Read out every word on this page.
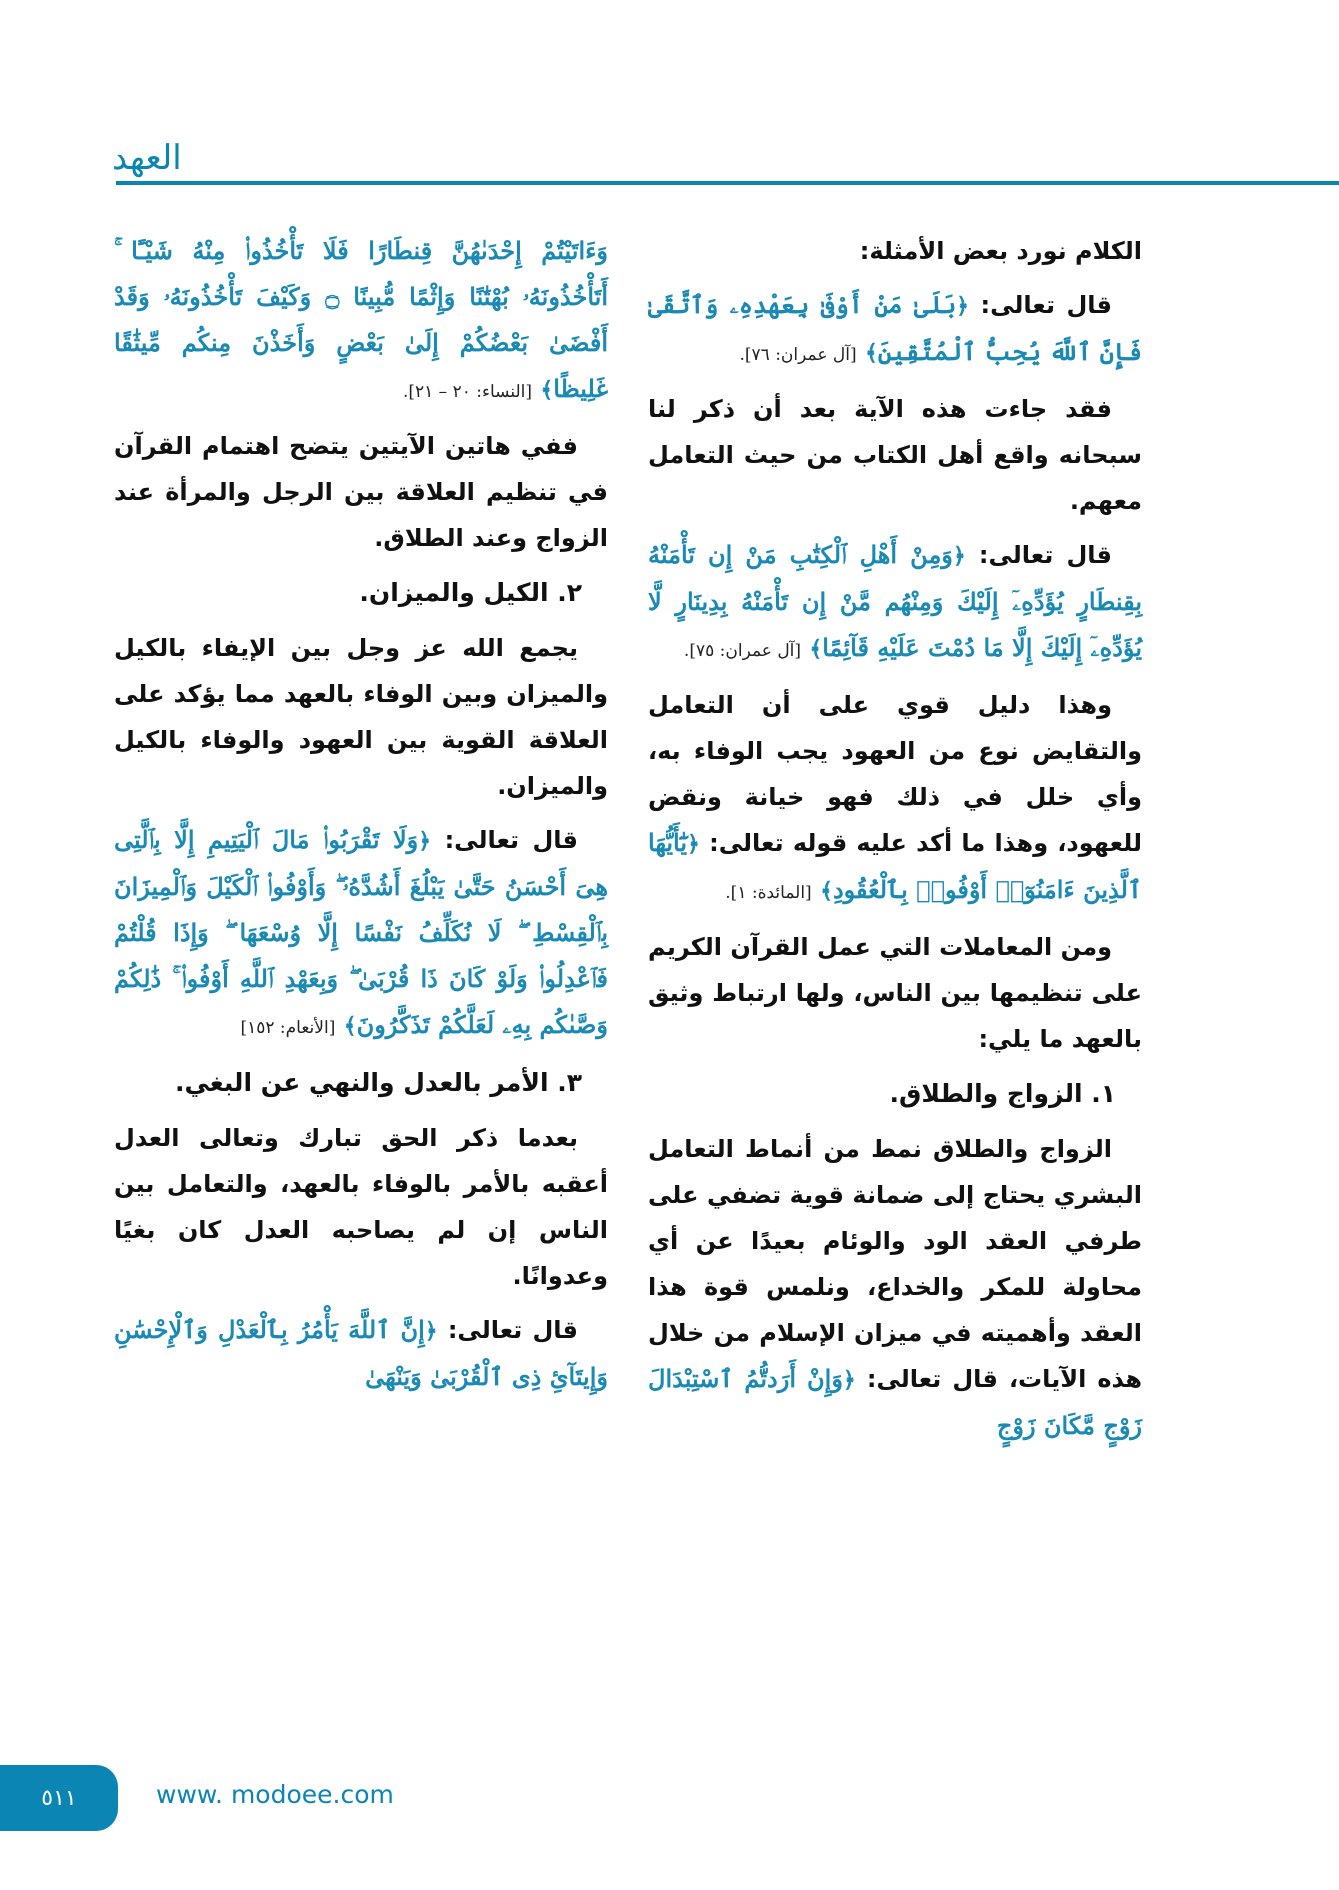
العهد

الكلام نورد بعض الأمثلة:

قال تعالى: ﴿بَلَىٰ مَنْ أَوْفَىٰ بِعَهْدِهِۦ وَٱتَّقَىٰ فَإِنَّ ٱللَّهَ يُحِبُّ ٱلْمُتَّقِينَ﴾ [آل عمران: ٧٦].

فقد جاءت هذه الآية بعد أن ذكر لنا سبحانه واقع أهل الكتاب من حيث التعامل معهم.

قال تعالى: ﴿وَمِنْ أَهْلِ ٱلْكِتَٰبِ مَنْ إِن تَأْمَنْهُ بِقِنطَارٍ يُؤَدِّهِۦٓ إِلَيْكَ وَمِنْهُم مَّنْ إِن تَأْمَنْهُ بِدِينَارٍ لَّا يُؤَدِّهِۦٓ إِلَيْكَ إِلَّا مَا دُمْتَ عَلَيْهِ قَآئِمًا﴾ [آل عمران: ٧٥].

وهذا دليل قوي على أن التعامل والتقايض نوع من العهود يجب الوفاء به، وأي خلل في ذلك فهو خيانة ونقض للعهود، وهذا ما أكد عليه قوله تعالى: ﴿يَٰٓأَيُّهَا ٱلَّذِينَ ءَامَنُوٓا۟ أَوْفُوا۟ بِٱلْعُقُودِ﴾ [المائدة: ١].

ومن المعاملات التي عمل القرآن الكريم على تنظيمها بين الناس، ولها ارتباط وثيق بالعهد ما يلي:

١. الزواج والطلاق.

الزواج والطلاق نمط من أنماط التعامل البشري يحتاج إلى ضمانة قوية تضفي على طرفي العقد الود والوئام بعيدًا عن أي محاولة للمكر والخداع، ونلمس قوة هذا العقد وأهميته في ميزان الإسلام من خلال هذه الآيات، قال تعالى: ﴿وَإِنْ أَرَدتُّمُ ٱسْتِبْدَالَ زَوْجٍ مَّكَانَ زَوْجٍ

وَءَاتَيْتُمْ إِحْدَىٰهُنَّ قِنطَارًا فَلَا تَأْخُذُوا۟ مِنْهُ شَيْـًٔا ۚ أَتَأْخُذُونَهُۥ بُهْتَٰنًا وَإِثْمًا مُّبِينًا ۝ وَكَيْفَ تَأْخُذُونَهُۥ وَقَدْ أَفْضَىٰ بَعْضُكُمْ إِلَىٰ بَعْضٍ وَأَخَذْنَ مِنكُم مِّيثَٰقًا غَلِيظًا﴾ [النساء: ٢٠ – ٢١].

ففي هاتين الآيتين يتضح اهتمام القرآن في تنظيم العلاقة بين الرجل والمرأة عند الزواج وعند الطلاق.

٢. الكيل والميزان.

يجمع الله عز وجل بين الإيفاء بالكيل والميزان وبين الوفاء بالعهد مما يؤكد على العلاقة القوية بين العهود والوفاء بالكيل والميزان.

قال تعالى: ﴿وَلَا تَقْرَبُوا۟ مَالَ ٱلْيَتِيمِ إِلَّا بِٱلَّتِى هِىَ أَحْسَنُ حَتَّىٰ يَبْلُغَ أَشُدَّهُۥ ۖ وَأَوْفُوا۟ ٱلْكَيْلَ وَٱلْمِيزَانَ بِٱلْقِسْطِ ۖ لَا نُكَلِّفُ نَفْسًا إِلَّا وُسْعَهَا ۖ وَإِذَا قُلْتُمْ فَٱعْدِلُوا۟ وَلَوْ كَانَ ذَا قُرْبَىٰ ۖ وَبِعَهْدِ ٱللَّهِ أَوْفُوا۟ ۚ ذَٰلِكُمْ وَصَّىٰكُم بِهِۦ لَعَلَّكُمْ تَذَكَّرُونَ﴾ [الأنعام: ١٥٢]

٣. الأمر بالعدل والنهي عن البغي.

بعدما ذكر الحق تبارك وتعالى العدل أعقبه بالأمر بالوفاء بالعهد، والتعامل بين الناس إن لم يصاحبه العدل كان بغيًا وعدوانًا.

قال تعالى: ﴿إِنَّ ٱللَّهَ يَأْمُرُ بِٱلْعَدْلِ وَٱلْإِحْسَٰنِ وَإِيتَآئِ ذِى ٱلْقُرْبَىٰ وَيَنْهَىٰ

٥١١	www. modoee.com
